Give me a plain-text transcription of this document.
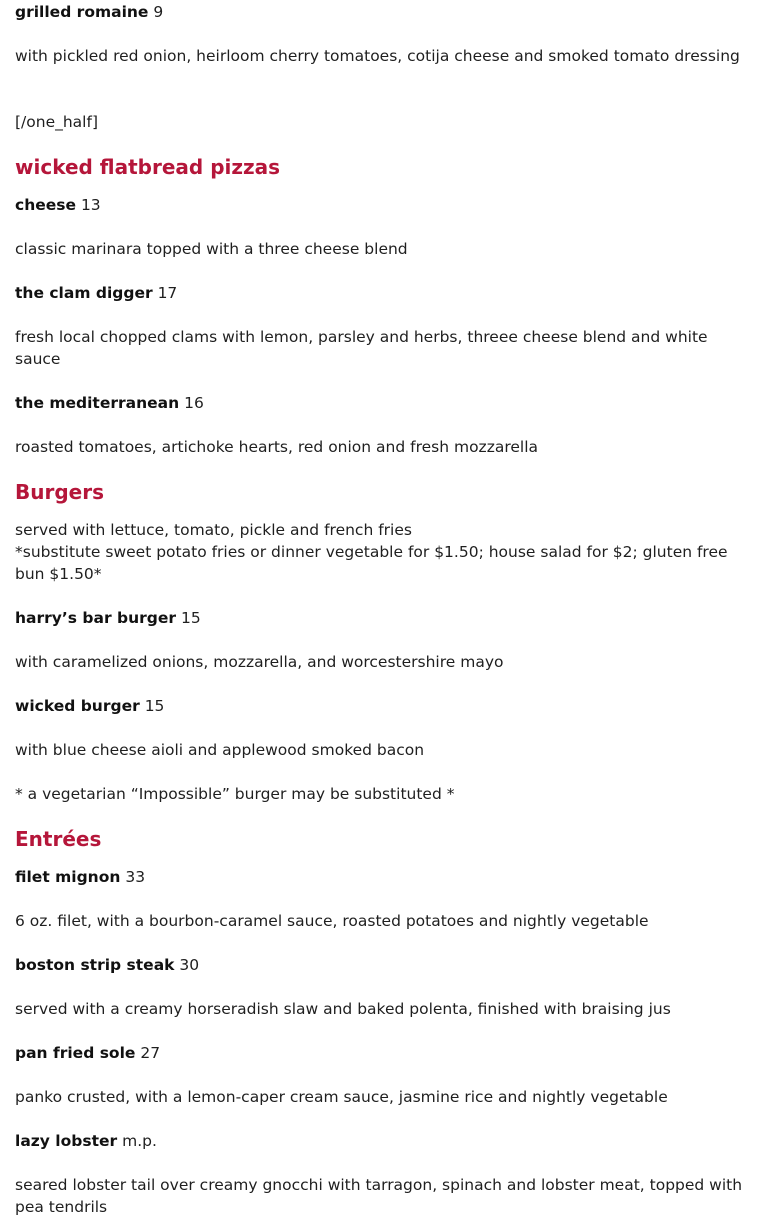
grilled romaine 9

with pickled red onion, heirloom cherry tomatoes, cotija cheese and smoked tomato dressing

[/one_half]

wicked flatbread pizzas

cheese 13

classic marinara topped with a three cheese blend

the clam digger 17

fresh local chopped clams with lemon, parsley and herbs, threee cheese blend and white sauce

the mediterranean 16

roasted tomatoes, artichoke hearts, red onion and fresh mozzarella

Burgers

served with lettuce, tomato, pickle and french fries

*substitute sweet potato fries or dinner vegetable for $1.50; house salad for $2; gluten free bun $1.50*

harry’s bar burger 15

with caramelized onions, mozzarella, and worcestershire mayo

wicked burger 15

with blue cheese aioli and applewood smoked bacon

* a vegetarian “Impossible” burger may be substituted *

Entrées

filet mignon 33

6 oz. filet, with a bourbon-caramel sauce, roasted potatoes and nightly vegetable

boston strip steak 30

served with a creamy horseradish slaw and baked polenta, finished with braising jus

pan fried sole 27

panko crusted, with a lemon-caper cream sauce, jasmine rice and nightly vegetable

lazy lobster m.p.

seared lobster tail over creamy gnocchi with tarragon, spinach and lobster meat, topped with pea tendrils
